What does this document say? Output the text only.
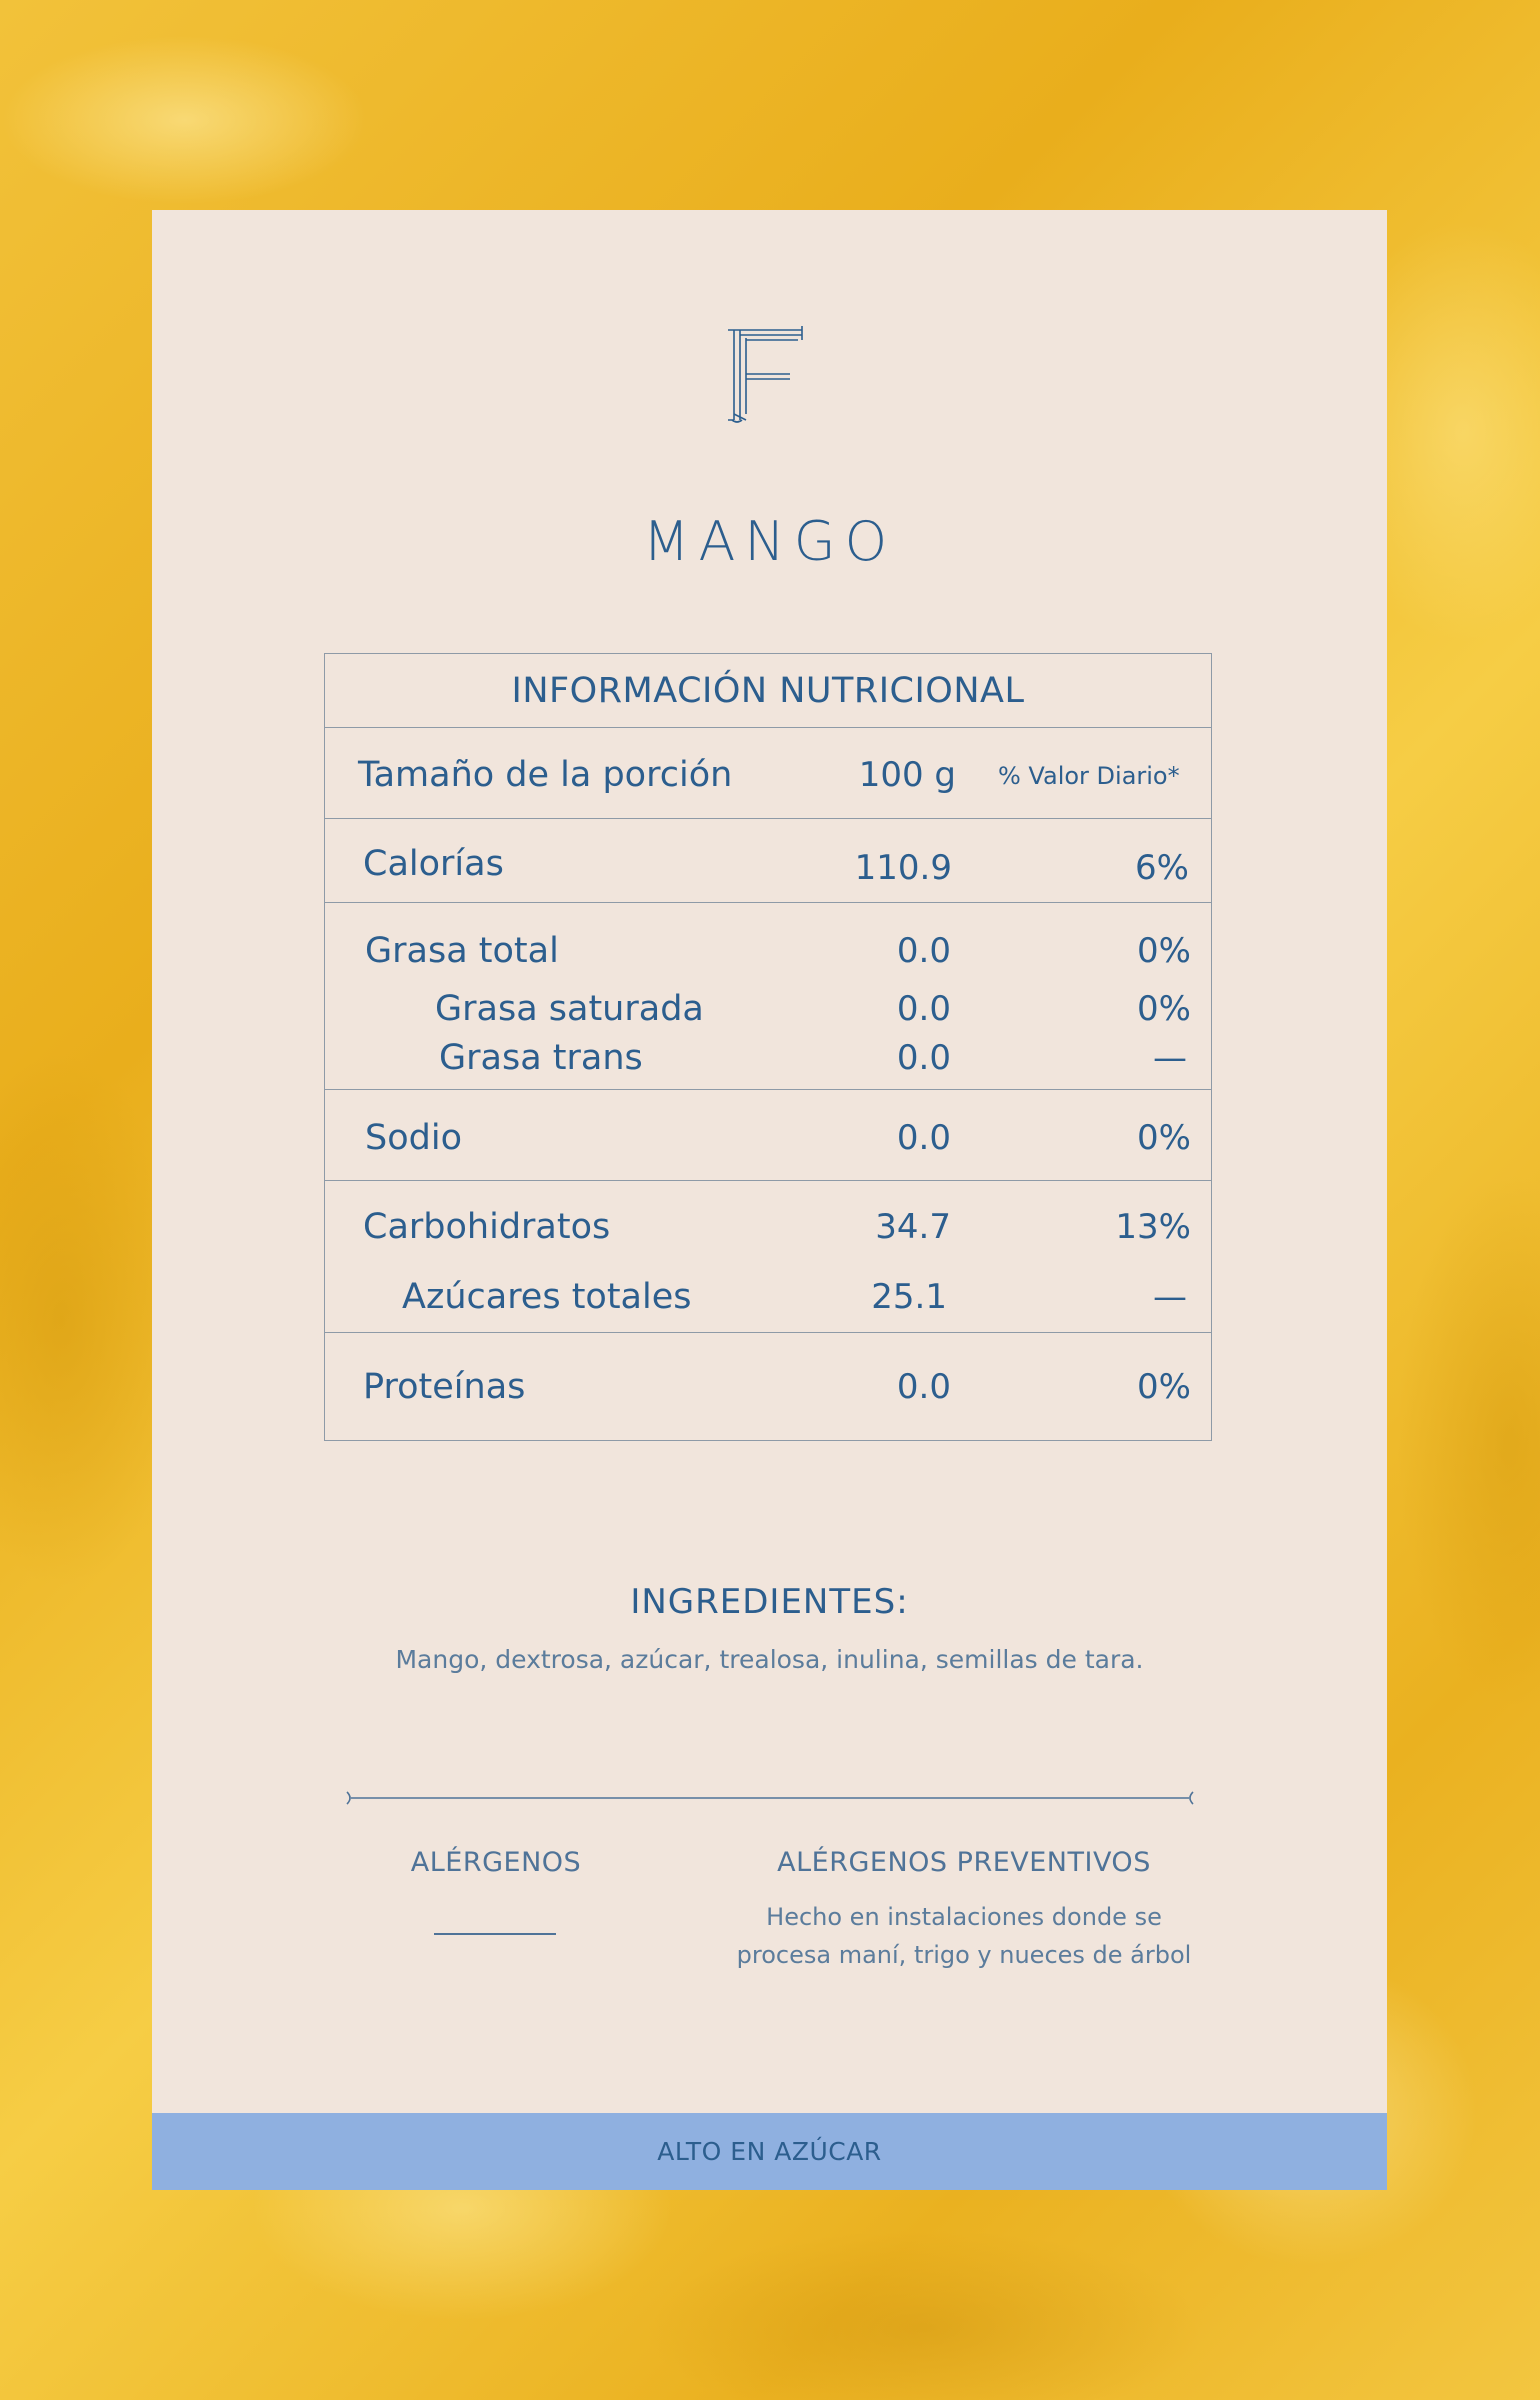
MANGO
INFORMACIÓN NUTRICIONAL
Tamaño de la porción	100 g % Valor Diario*
Calorías	110.9	6%
Grasa total	0.0	0%
Grasa saturada	0.0	0%
Grasa trans	0.0	—
Sodio	0.0	0%
Carbohidratos	34.7	13%
Azúcares totales	25.1	—
Proteínas	0.0	0%
INGREDIENTES:
Mango, dextrosa, azúcar, trealosa, inulina, semillas de tara.
ALÉRGENOS	ALÉRGENOS PREVENTIVOS
Hecho en instalaciones donde se
procesa maní, trigo y nueces de árbol
ALTO EN AZÚCAR
